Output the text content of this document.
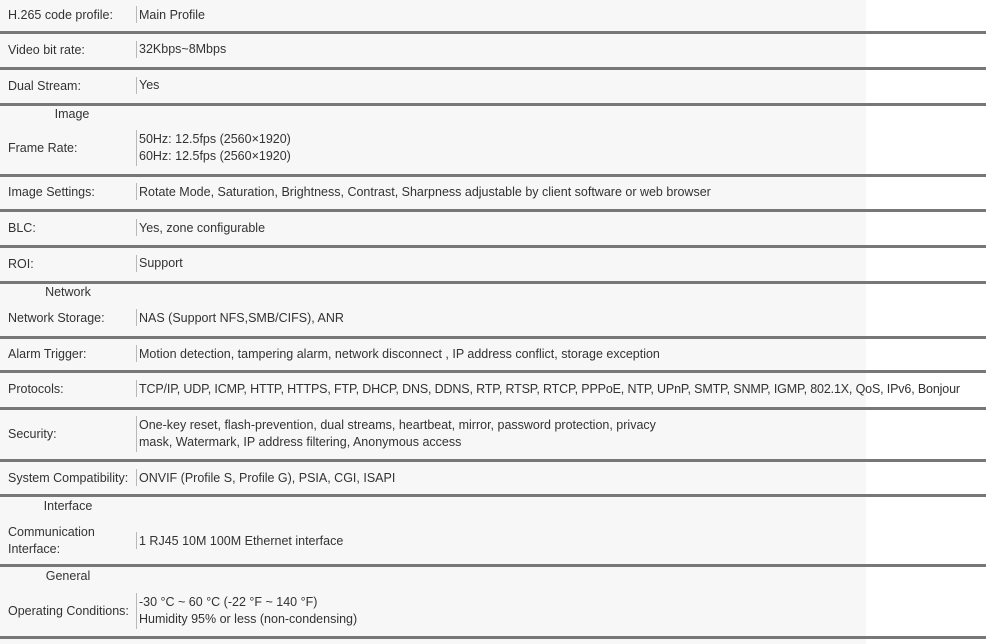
H.265 code profile:	Main Profile
Video bit rate:	32Kbps~8Mbps
Dual Stream:	Yes
Image
Frame Rate:
50Hz: 12.5fps (2560×1920)
60Hz: 12.5fps (2560×1920)
Image Settings:	Rotate Mode, Saturation, Brightness, Contrast, Sharpness adjustable by client software or web browser
BLC:	Yes, zone configurable
ROI:	Support
Network
Network Storage:	NAS (Support NFS,SMB/CIFS), ANR
Alarm Trigger:	Motion detection, tampering alarm, network disconnect , IP address conflict, storage exception
Protocols:	TCP/IP, UDP, ICMP, HTTP, HTTPS, FTP, DHCP, DNS, DDNS, RTP, RTSP, RTCP, PPPoE, NTP, UPnP, SMTP, SNMP, IGMP, 802.1X, QoS, IPv6, Bonjour
Security:
One-key reset, flash-prevention, dual streams, heartbeat, mirror, password protection, privacy
mask, Watermark, IP address filtering, Anonymous access
System Compatibility: ONVIF (Profile S, Profile G), PSIA, CGI, ISAPI
Interface
Communication Interface:
1 RJ45 10M 100M Ethernet interface
General
Operating Conditions:
-30 °C ~ 60 °C (-22 °F ~ 140 °F)
Humidity 95% or less (non-condensing)
